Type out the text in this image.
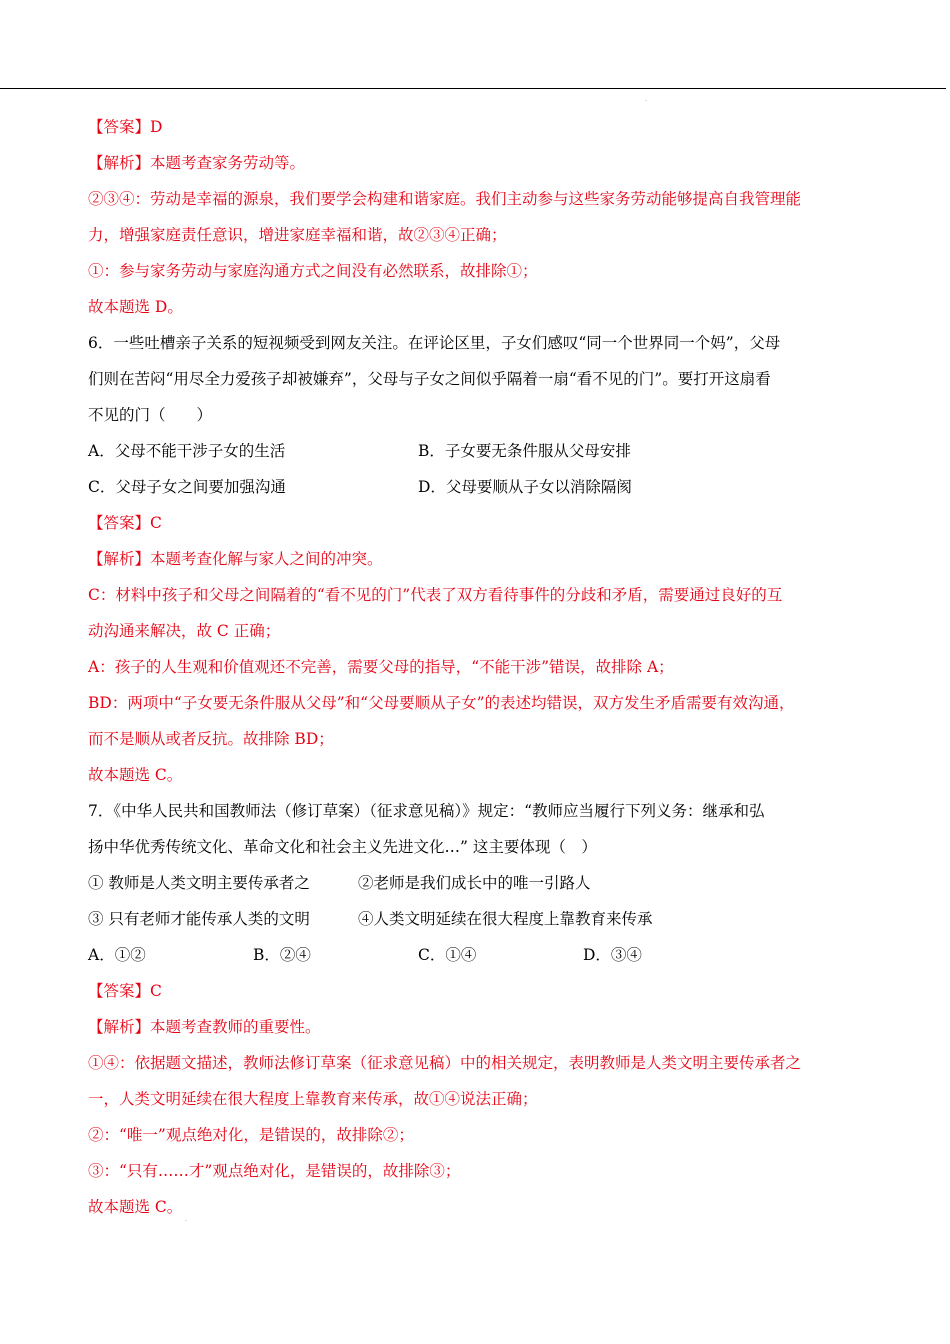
.
【答案】D
【解析】本题考查家务劳动等。
②③④：劳动是幸福的源泉，我们要学会构建和谐家庭。我们主动参与这些家务劳动能够提高自我管理能
力，增强家庭责任意识，增进家庭幸福和谐，故②③④正确；
①：参与家务劳动与家庭沟通方式之间没有必然联系，故排除①；
故本题选 D。
6．一些吐槽亲子关系的短视频受到网友关注。在评论区里，子女们感叹“同一个世界同一个妈”，父母
们则在苦闷“用尽全力爱孩子却被嫌弃”，父母与子女之间似乎隔着一扇“看不见的门”。要打开这扇看
不见的门（　　）
A．父母不能干涉子女的生活	B．子女要无条件服从父母安排
C．父母子女之间要加强沟通	D．父母要顺从子女以消除隔阂
【答案】C
【解析】本题考查化解与家人之间的冲突。
C：材料中孩子和父母之间隔着的“看不见的门”代表了双方看待事件的分歧和矛盾，需要通过良好的互
动沟通来解决，故 C 正确；
A：孩子的人生观和价值观还不完善，需要父母的指导，“不能干涉”错误，故排除 A；
BD：两项中“子女要无条件服从父母”和“父母要顺从子女”的表述均错误，双方发生矛盾需要有效沟通，
而不是顺从或者反抗。故排除 BD；
故本题选 C。
7．《中华人民共和国教师法（修订草案）（征求意见稿）》规定：“教师应当履行下列义务：继承和弘
扬中华优秀传统文化、革命文化和社会主义先进文化…” 这主要体现（　）
① 教师是人类文明主要传承者之	②老师是我们成长中的唯一引路人
③ 只有老师才能传承人类的文明	④人类文明延续在很大程度上靠教育来传承
A．①②	B．②④	C．①④	D．③④
【答案】C
【解析】本题考查教师的重要性。
①④：依据题文描述，教师法修订草案（征求意见稿）中的相关规定，表明教师是人类文明主要传承者之
一，人类文明延续在很大程度上靠教育来传承，故①④说法正确；
②：“唯一”观点绝对化，是错误的，故排除②；
③：“只有……才”观点绝对化，是错误的，故排除③；
故本题选 C。
.
